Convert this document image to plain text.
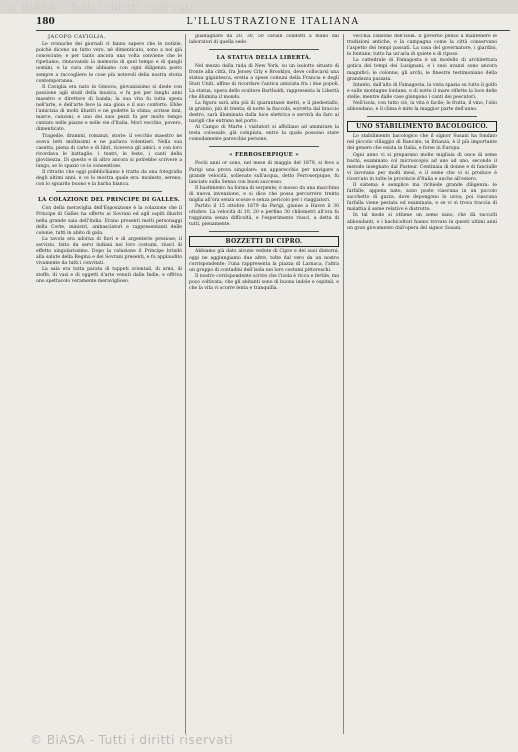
© BiASA - Tutti i diritti riservati
180	L'ILLUSTRAZIONE ITALIANA
JACOPO CAVIGLIA.

Le cronache dei giornali ci fanno sapere che le notizie, poichè dicono un fatto vero, nè dimenticato, sono a noi già conosciute; e per tanto ancora una volta conviene che le ripetiamo, rinnovando la memoria di quel tempo e di quegli uomini, e la cura che abbiamo con ogni diligenza posto sempre a raccogliere le cose più notevoli della nostra storia contemporanea.

Il Caviglia era nato in Genova; giovanissimo si diede con passione agli studi della musica, e fu poi per lunghi anni maestro e direttore di banda; la sua vita fu tutta spesa nell'arte, e dell'arte fece la sua gioia e il suo conforto. Ebbe l'amicizia di molti illustri e ne godette la stima; scrisse inni, marce, canzoni, e uno dei suoi pezzi fu per molto tempo cantato nelle piazze e nelle vie d'Italia. Morì vecchio, povero, dimenticato.

Tragedie, drammi, romanzi, storie: il vecchio maestro ne aveva letti moltissimi e ne parlava volentieri. Nella sua casetta, piena di carte e di libri, riceveva gli amici, e con loro ricordava le battaglie, i teatri, le feste, i canti della giovinezza. Di questo e di altro ancora si potrebbe scrivere a lungo, se lo spazio ce lo consentisse.

Il ritratto che oggi pubblichiamo è tratto da una fotografia degli ultimi anni, e ce lo mostra quale era: modesto, sereno, con lo sguardo buono e la barba bianca.

LA COLAZIONE DEL PRINCIPE DI GALLES.

Con della meraviglia dell'Esposizione è la colazione che il Principe di Galles ha offerto ai Sovrani ed agli ospiti illustri nella grande sala dell'India. Erano presenti molti personaggi della Corte, ministri, ambasciatori e rappresentanti delle colonie, tutti in abito di gala.

La tavola era adorna di fiori e di argenterie preziose; il servizio, fatto da servi indiani nei loro costumi, riuscì di effetto singolarissimo. Dopo la colazione il Principe brindò alla salute della Regina e dei Sovrani presenti, e fu applaudito vivamente da tutti i convitati.

La sala era tutta parata di tappeti orientali, di armi, di stoffe, di vasi e di oggetti d'arte venuti dalle Indie, e offriva uno spettacolo veramente meraviglioso.

guadagnare da 20, 30, 50 cavalli condotti a mano dai laboratori di quella sede.

LA STATUA DELLA LIBERTÀ.

Nel mezzo della rada di New York, su un isolotto situato di fronte alla città, fra Jersey City e Brooklyn, deve collocarsi una statua gigantesca, eretta a spese comuni della Francia e degli Stati Uniti, affine di ricordare l'antica amicizia fra i due popoli. La statua, opera dello scultore Bartholdi, rappresenta la Libertà che illumina il mondo.

La figura sarà alta più di quarantasei metri, e il piedestallo, in granito, più di trenta; di notte la fiaccola, sorretta dal braccio destro, sarà illuminata dalla luce elettrica e servirà da faro ai navigli che entrano nel porto.

Al Campo di Marte i visitatori si affollano ad ammirare la testa colossale, già compiuta, entro la quale possono stare comodamente parecchie persone.

« FERROSERPIQUE »

Pochi anni or sono, nel mese di maggio del 1879, si fece a Parigi una prova singolare: un apparecchio per navigare a grande velocità, sollevato sull'acqua, detto Ferroserpique, fu lanciato sulla Senna con buon successo.

Il bastimento ha forma di serpente; è mosso da una macchina di nuova invenzione, e si dice che possa percorrere trenta miglia all'ora senza scosse e senza pericolo per i viaggiatori.

Partito il 15 ottobre 1879 da Parigi, giunse a Havre il 30 ottobre. La velocità di 10, 20 e perfino 30 chilometri all'ora fu raggiunta senza difficoltà, e l'esperimento riuscì, a detta di tutti, pienamente.

BOZZETTI DI CIPRO.

Abbiamo già dato alcune vedute di Cipro e dei suoi dintorni; oggi ne aggiungiamo due altre, tolte dal vero da un nostro corrispondente: l'una rappresenta la piazza di Larnaca, l'altra un gruppo di contadini dell'isola nei loro costumi pittoreschi.

Il nostro corrispondente scrive che l'isola è ricca e fertile, ma poco coltivata; che gli abitanti sono di buona indole e ospitali, e che la vita vi scorre lenta e tranquilla.

vecchia canzone dell'isola. Il governo pensò a mantenere le tradizioni antiche, e la campagna come la città conservano l'aspetto dei tempi passati. La casa del governatore, i giardini, le fontane, tutto ha un'aria di quiete e di riposo.

La cattedrale di Famagosta è un modello di architettura gotica dei tempi dei Lusignani, e i suoi avanzi sono ancora magnifici; le colonne, gli archi, le finestre testimoniano della grandezza passata.

Intanto, dall'alto di Famagosta, la vista spazia su tutto il golfo e sulle montagne lontane, e di notte il mare riflette la luce delle stelle, mentre dalle case giungono i canti dei pescatori.

Nell'isola, con tutto ciò, la vita è facile; le frutta, il vino, l'olio abbondano, e il clima è mite la maggior parte dell'anno.

UNO STABILIMENTO BACOLOGICO.

Lo stabilimento bacologico che il signor Susani ha fondato nel piccolo villaggio di Rancate, in Brianza, è il più importante del genere che esista in Italia, e forse in Europa.

Ogni anno vi si preparano molte migliaia di once di seme bachi, esaminato col microscopio ad uno ad uno, secondo il metodo insegnato dal Pasteur. Centinaia di donne e di fanciulle vi lavorano per molti mesi, e il seme che vi si produce è ricercato in tutte le provincie d'Italia e anche all'estero.

Il sistema è semplice ma richiede grande diligenza: le farfalle, appena nate, sono poste ciascuna in un piccolo sacchetto di garza, dove depongono le uova; poi ciascuna farfalla viene pestata ed esaminata, e se vi si trova traccia di malattia il seme relativo è distrutto.

In tal modo si ottiene un seme sano, che dà raccolti abbondanti, e i bachicoltori hanno trovato in questi ultimi anni un gran giovamento dall'opera del signor Susani.

© BiASA - Tutti i diritti riservati
